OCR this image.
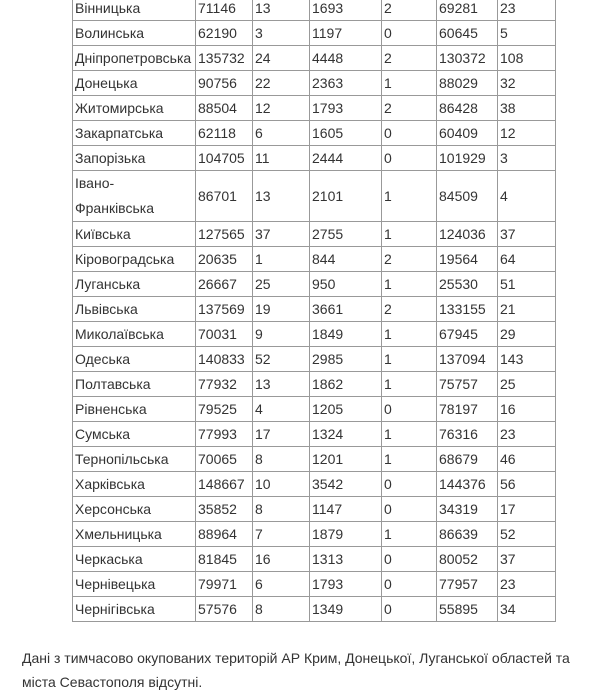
Вінницька	71146	13	1693	2	69281	23
Волинська	62190	3	1197	0	60645	5
Дніпропетровська	135732	24	4448	2	130372	108
Донецька	90756	22	2363	1	88029	32
Житомирська	88504	12	1793	2	86428	38
Закарпатська	62118	6	1605	0	60409	12
Запорізька	104705	11	2444	0	101929	3
Івано-Франківська	86701	13	2101	1	84509	4
Київська	127565	37	2755	1	124036	37
Кіровоградська	20635	1	844	2	19564	64
Луганська	26667	25	950	1	25530	51
Львівська	137569	19	3661	2	133155	21
Миколаївська	70031	9	1849	1	67945	29
Одеська	140833	52	2985	1	137094	143
Полтавська	77932	13	1862	1	75757	25
Рівненська	79525	4	1205	0	78197	16
Сумська	77993	17	1324	1	76316	23
Тернопільська	70065	8	1201	1	68679	46
Харківська	148667	10	3542	0	144376	56
Херсонська	35852	8	1147	0	34319	17
Хмельницька	88964	7	1879	1	86639	52
Черкаська	81845	16	1313	0	80052	37
Чернівецька	79971	6	1793	0	77957	23
Чернігівська	57576	8	1349	0	55895	34

Дані з тимчасово окупованих територій АР Крим, Донецької, Луганської областей та міста Севастополя відсутні.
